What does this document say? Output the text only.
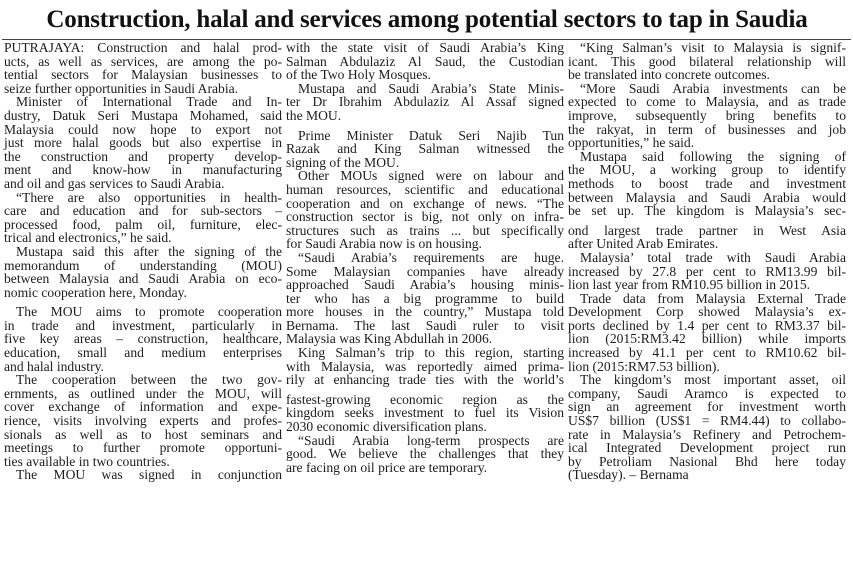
Construction, halal and services among potential sectors to tap in Saudia
PUTRAJAYA: Construction and halal prod-
ucts, as well as services, are among the po-
tential sectors for Malaysian businesses to
seize further opportunities in Saudi Arabia.
Minister of International Trade and In-
dustry, Datuk Seri Mustapa Mohamed, said
Malaysia could now hope to export not
just more halal goods but also expertise in
the construction and property develop-
ment and know-how in manufacturing
and oil and gas services to Saudi Arabia.
“There are also opportunities in health-
care and education and for sub-sectors –
processed food, palm oil, furniture, elec-
trical and electronics,” he said.
Mustapa said this after the signing of the
memorandum of understanding (MOU)
between Malaysia and Saudi Arabia on eco-
nomic cooperation here, Monday.
The MOU aims to promote cooperation
in trade and investment, particularly in
five key areas – construction, healthcare,
education, small and medium enterprises
and halal industry.
The cooperation between the two gov-
ernments, as outlined under the MOU, will
cover exchange of information and expe-
rience, visits involving experts and profes-
sionals as well as to host seminars and
meetings to further promote opportuni-
ties available in two countries.
The MOU was signed in conjunction
with the state visit of Saudi Arabia’s King
Salman Abdulaziz Al Saud, the Custodian
of the Two Holy Mosques.
Mustapa and Saudi Arabia’s State Minis-
ter Dr Ibrahim Abdulaziz Al Assaf signed
the MOU.
Prime Minister Datuk Seri Najib Tun
Razak and King Salman witnessed the
signing of the MOU.
Other MOUs signed were on labour and
human resources, scientific and educational
cooperation and on exchange of news. “The
construction sector is big, not only on infra-
structures such as trains ... but specifically
for Saudi Arabia now is on housing.
“Saudi Arabia’s requirements are huge.
Some Malaysian companies have already
approached Saudi Arabia’s housing minis-
ter who has a big programme to build
more houses in the country,” Mustapa told
Bernama. The last Saudi ruler to visit
Malaysia was King Abdullah in 2006.
King Salman’s trip to this region, starting
with Malaysia, was reportedly aimed prima-
rily at enhancing trade ties with the world’s
fastest-growing economic region as the
kingdom seeks investment to fuel its Vision
2030 economic diversification plans.
“Saudi Arabia long-term prospects are
good. We believe the challenges that they
are facing on oil price are temporary.
“King Salman’s visit to Malaysia is signif-
icant. This good bilateral relationship will
be translated into concrete outcomes.
“More Saudi Arabia investments can be
expected to come to Malaysia, and as trade
improve, subsequently bring benefits to
the rakyat, in term of businesses and job
opportunities,” he said.
Mustapa said following the signing of
the MOU, a working group to identify
methods to boost trade and investment
between Malaysia and Saudi Arabia would
be set up. The kingdom is Malaysia’s sec-
ond largest trade partner in West Asia
after United Arab Emirates.
Malaysia’ total trade with Saudi Arabia
increased by 27.8 per cent to RM13.99 bil-
lion last year from RM10.95 billion in 2015.
Trade data from Malaysia External Trade
Development Corp showed Malaysia’s ex-
ports declined by 1.4 per cent to RM3.37 bil-
lion (2015:RM3.42 billion) while imports
increased by 41.1 per cent to RM10.62 bil-
lion (2015:RM7.53 billion).
The kingdom’s most important asset, oil
company, Saudi Aramco is expected to
sign an agreement for investment worth
US$7 billion (US$1 = RM4.44) to collabo-
rate in Malaysia’s Refinery and Petrochem-
ical Integrated Development project run
by Petroliam Nasional Bhd here today
(Tuesday). – Bernama
